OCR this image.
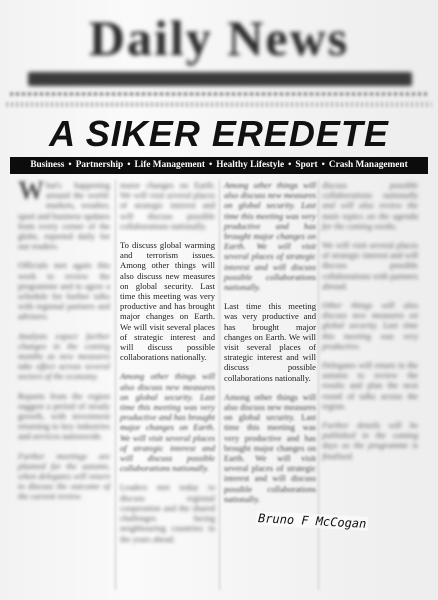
Daily News
A SIKER EREDETE
Business • Partnership • Life Management • Healthy Lifestyle • Sport • Crash Management

What's happening around the world: markets, weather, sport and business updates from every corner of the globe, reported daily for our readers.

Officials met again this week to review the programme and to agree a schedule for further talks with regional partners and advisers.

Analysts expect further changes in the coming months as new measures take effect across several sectors of the economy.

Reports from the region suggest a period of steady growth, with investment returning to key industries and services nationwide.

Further meetings are planned for the autumn, when delegates will return to discuss the outcome of the current review.

maior changes on Earth. We will visit several places of strategic interest and will discuss possible collaborations nationally.

To discuss global warming and terrorism issues. Among other things will also discuss new measures on global security. Last time this meeting was very productive and has brought major changes on Earth. We will visit several places of strategic interest and will discuss possible collaborations nationally.

Among other things will also discuss new measures on global security. Last time this meeting was very productive and has brought major changes on Earth. We will visit several places of strategic interest and will discuss possible collaborations nationally.

Leaders met today to discuss regional cooperation and the shared challenges facing neighbouring countries in the years ahead.

Among other things will also discuss new measures on global security. Last time this meeting was very productive and has brought major changes on Earth. We will visit several places of strategic interest and will discuss possible collaborations nationally.

Last time this meeting was very productive and has brought major changes on Earth. We will visit several places of strategic interest and will discuss possible collaborations nationally.

Among other things will also discuss new measures on global security. Last time this meeting was very productive and has brought major changes on Earth. We will visit several places of strategic interest and will discuss possible collaborations nationally.

discuss possible collaborations nationally and will also review the main topics on the agenda for the coming weeks.

We will visit several places of strategic interest and will discuss possible collaborations with partners abroad.

Other things will also discuss new measures on global security. Last time this meeting was very productive.

Delegates will return in the autumn to review the results and plan the next round of talks across the region.

Further details will be published in the coming days as the programme is finalised.

Bruno F McCogan
